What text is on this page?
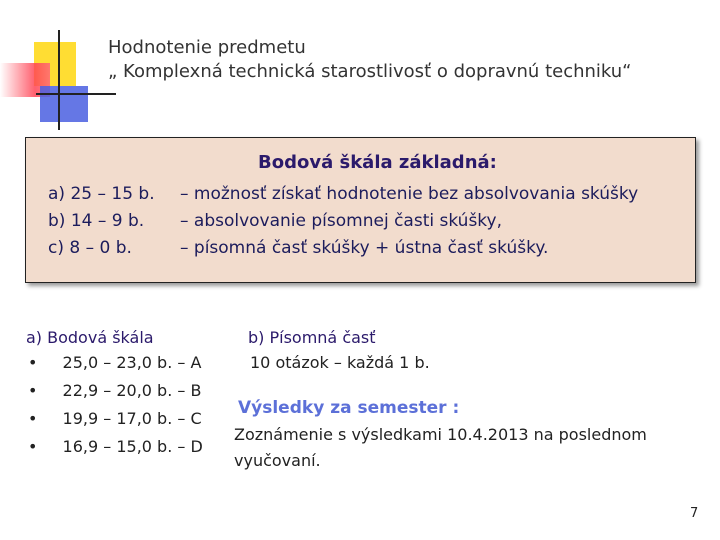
Hodnotenie predmetu
„ Komplexná technická starostlivosť o dopravnú techniku“
Bodová škála základná:
a) 25 – 15 b. – možnosť získať hodnotenie bez absolvovania skúšky
b) 14 – 9 b. – absolvovanie písomnej časti skúšky,
c) 8 – 0 b.	– písomná časť skúšky + ústna časť skúšky.
a) Bodová škála
• 25,0 – 23,0 b. – A
• 22,9 – 20,0 b. – B
• 19,9 – 17,0 b. – C
• 16,9 – 15,0 b. – D
b) Písomná časť
10 otázok – každá 1 b.
Výsledky za semester :
Zoznámenie s výsledkami 10.4.2013 na poslednom
vyučovaní.
7
